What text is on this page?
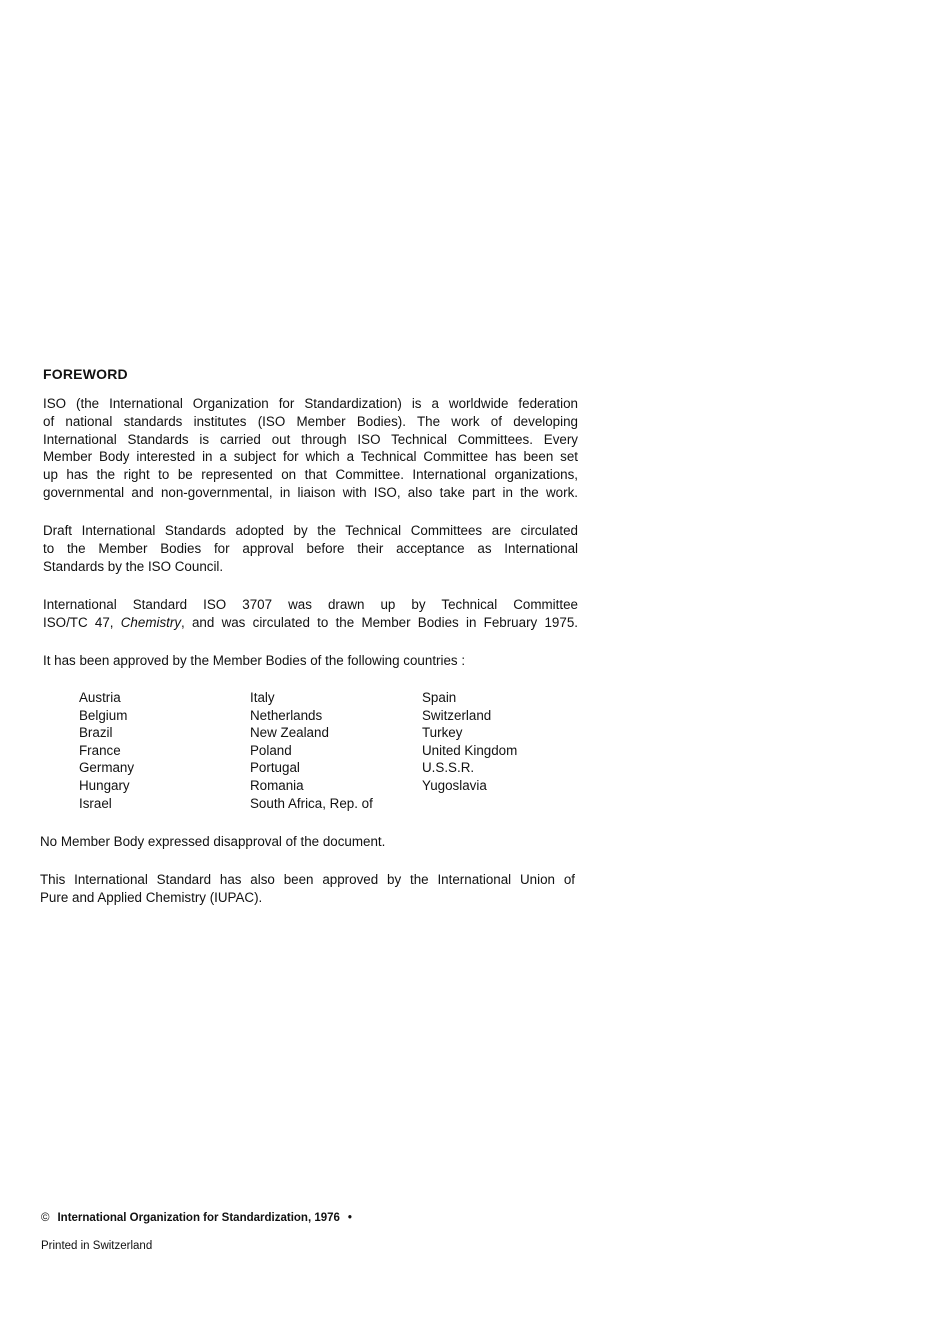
FOREWORD
ISO (the International Organization for Standardization) is a worldwide federation
of national standards institutes (ISO Member Bodies). The work of developing
International Standards is carried out through ISO Technical Committees. Every
Member Body interested in a subject for which a Technical Committee has been set
up has the right to be represented on that Committee. International organizations,
governmental and non-governmental, in liaison with ISO, also take part in the work.
Draft International Standards adopted by the Technical Committees are circulated
to the Member Bodies for approval before their acceptance as International
Standards by the ISO Council.
International Standard ISO 3707 was drawn up by Technical Committee
ISO/TC 47, Chemistry, and was circulated to the Member Bodies in February 1975.
It has been approved by the Member Bodies of the following countries :
Austria
Belgium
Brazil
France
Germany
Hungary
Israel
Italy
Netherlands
New Zealand
Poland
Portugal
Romania
South Africa, Rep. of
Spain
Switzerland
Turkey
United Kingdom
U.S.S.R.
Yugoslavia
No Member Body expressed disapproval of the document.
This International Standard has also been approved by the International Union of
Pure and Applied Chemistry (IUPAC).
© International Organization for Standardization, 1976 •
Printed in Switzerland
